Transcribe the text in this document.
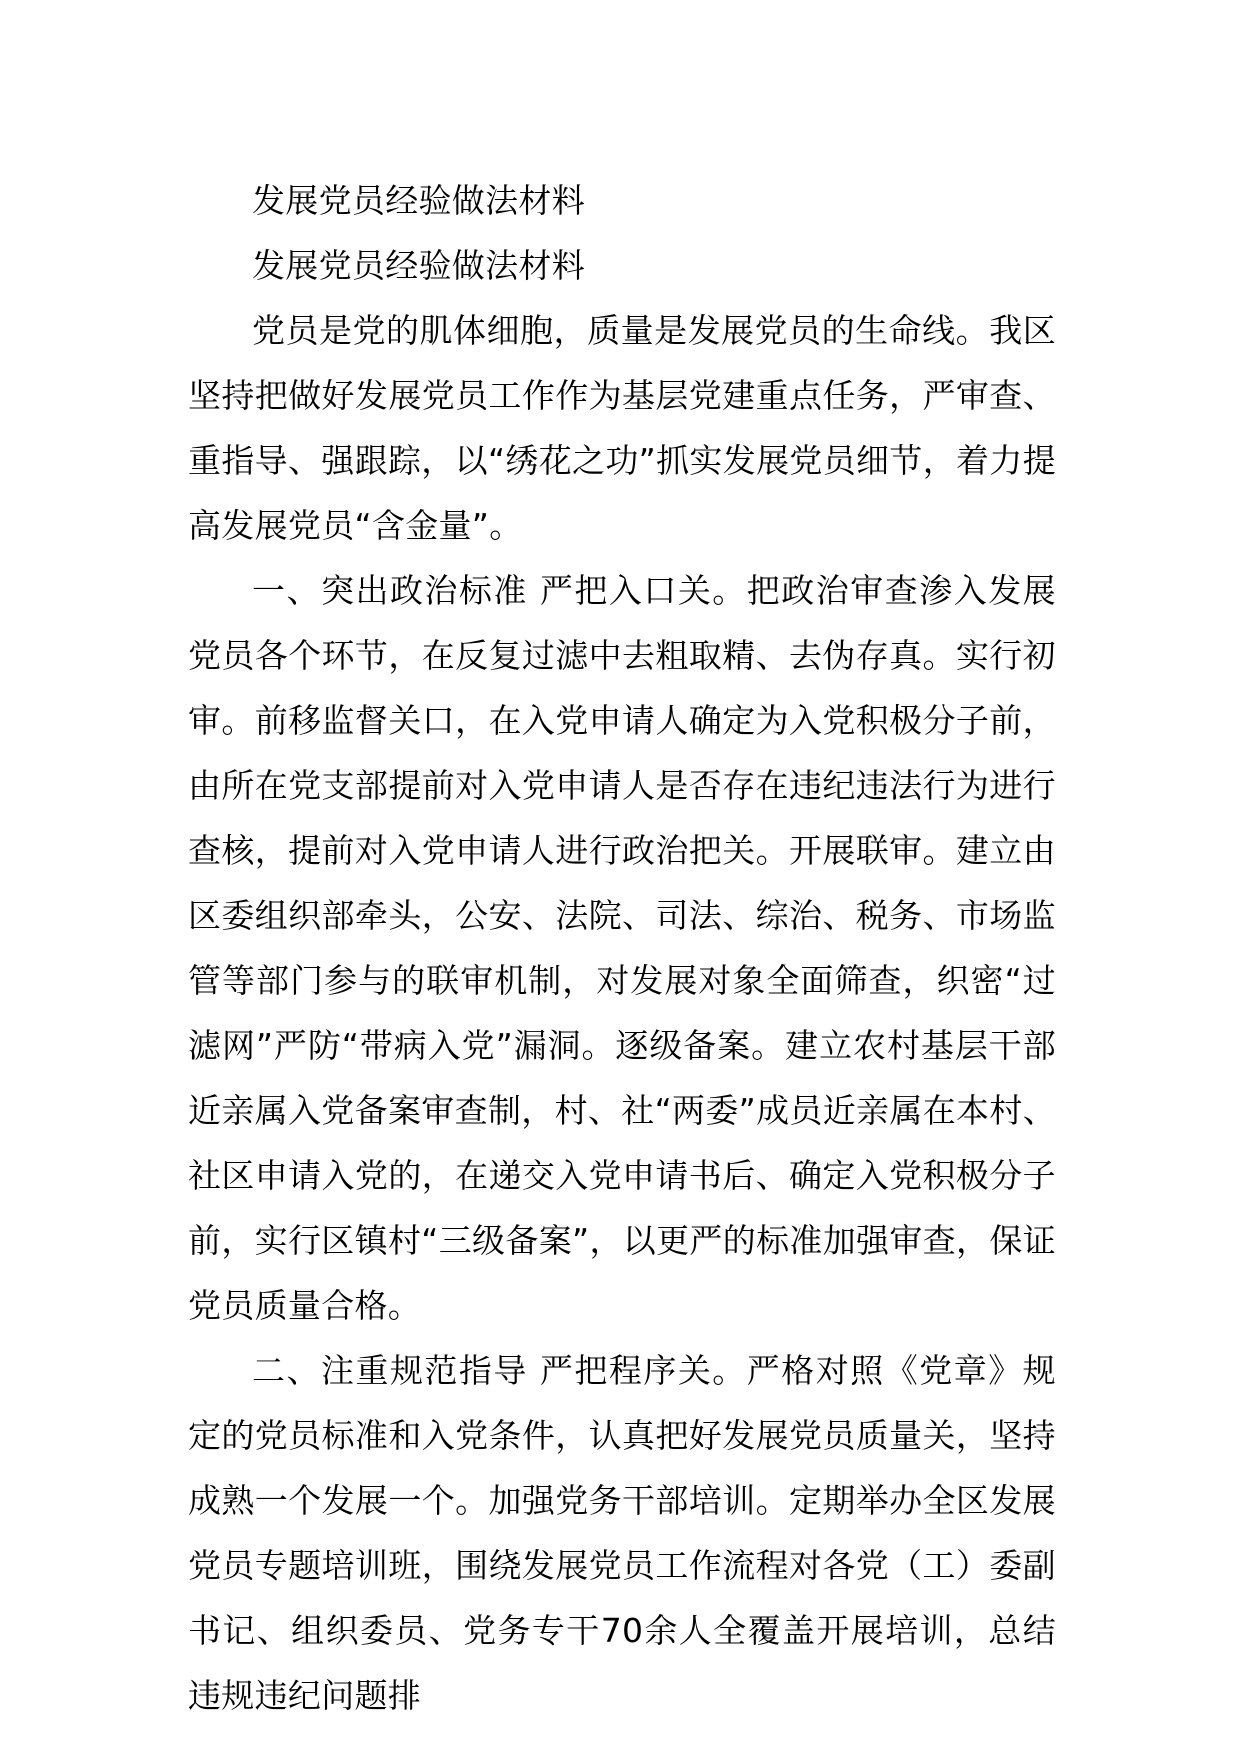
发展党员经验做法材料
发展党员经验做法材料

党员是党的肌体细胞，质量是发展党员的生命线。我区坚持把做好发展党员工作作为基层党建重点任务，严审查、重指导、强跟踪，以“绣花之功”抓实发展党员细节，着力提高发展党员“含金量”。

一、突出政治标准 严把入口关。把政治审查渗入发展党员各个环节，在反复过滤中去粗取精、去伪存真。实行初审。前移监督关口，在入党申请人确定为入党积极分子前，由所在党支部提前对入党申请人是否存在违纪违法行为进行查核，提前对入党申请人进行政治把关。开展联审。建立由区委组织部牵头，公安、法院、司法、综治、税务、市场监管等部门参与的联审机制，对发展对象全面筛查，织密“过滤网”严防“带病入党”漏洞。逐级备案。建立农村基层干部近亲属入党备案审查制，村、社“两委”成员近亲属在本村、社区申请入党的，在递交入党申请书后、确定入党积极分子前，实行区镇村“三级备案”，以更严的标准加强审查，保证党员质量合格。

二、注重规范指导 严把程序关。严格对照《党章》规定的党员标准和入党条件，认真把好发展党员质量关，坚持成熟一个发展一个。加强党务干部培训。定期举办全区发展党员专题培训班，围绕发展党员工作流程对各党（工）委副书记、组织委员、党务专干70余人全覆盖开展培训，总结违规违纪问题排
